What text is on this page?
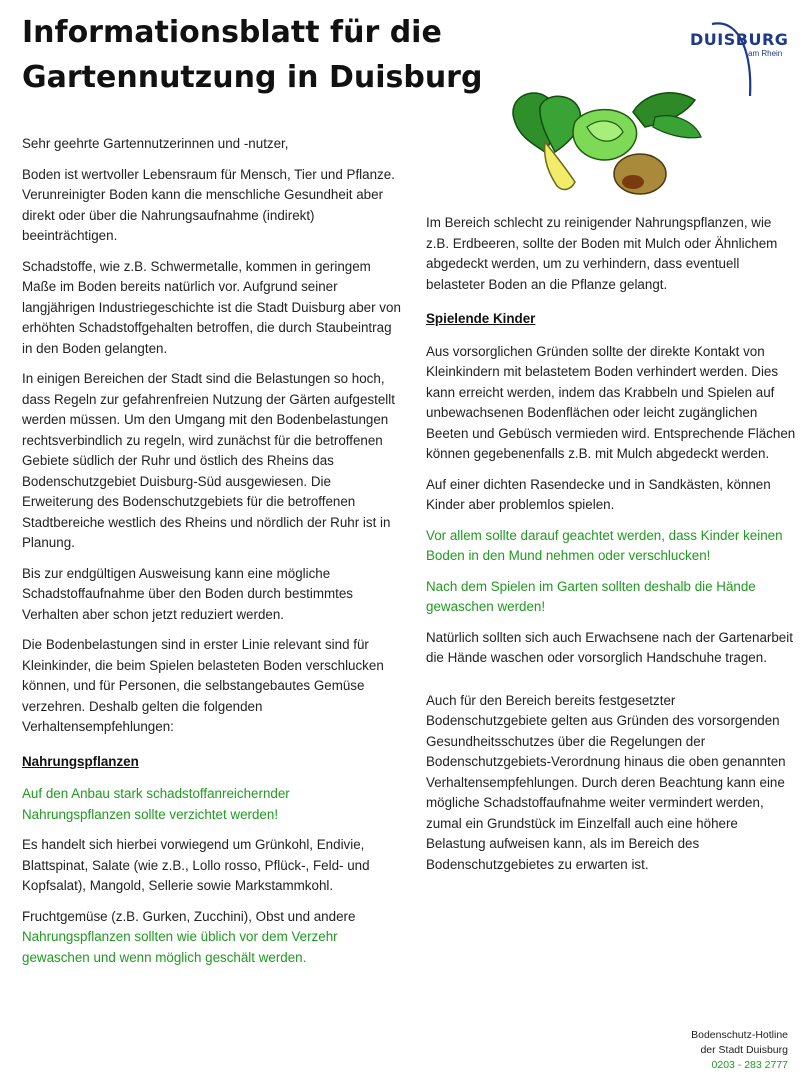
Informationsblatt für die
Gartennutzung in Duisburg
DUISBURG
am Rhein

Sehr geehrte Gartennutzerinnen und -nutzer,

Boden ist wertvoller Lebensraum für Mensch, Tier und Pflanze. Verunreinigter Boden kann die menschliche Gesundheit aber direkt oder über die Nahrungsaufnahme (indirekt) beeinträchtigen.

Schadstoffe, wie z.B. Schwermetalle, kommen in geringem Maße im Boden bereits natürlich vor. Aufgrund seiner langjährigen Industriegeschichte ist die Stadt Duisburg aber von erhöhten Schadstoffgehalten betroffen, die durch Staubeintrag in den Boden gelangten.

In einigen Bereichen der Stadt sind die Belastungen so hoch, dass Regeln zur gefahrenfreien Nutzung der Gärten aufgestellt werden müssen. Um den Umgang mit den Bodenbelastungen rechtsverbindlich zu regeln, wird zunächst für die betroffenen Gebiete südlich der Ruhr und östlich des Rheins das Bodenschutzgebiet Duisburg-Süd ausgewiesen. Die Erweiterung des Bodenschutzgebiets für die betroffenen Stadtbereiche westlich des Rheins und nördlich der Ruhr ist in Planung.

Bis zur endgültigen Ausweisung kann eine mögliche Schadstoffaufnahme über den Boden durch bestimmtes Verhalten aber schon jetzt reduziert werden.

Die Bodenbelastungen sind in erster Linie relevant sind für Kleinkinder, die beim Spielen belasteten Boden verschlucken können, und für Personen, die selbstangebautes Gemüse verzehren. Deshalb gelten die folgenden Verhaltensempfehlungen:

Nahrungspflanzen

Auf den Anbau stark schadstoffanreichernder Nahrungspflanzen sollte verzichtet werden!

Es handelt sich hierbei vorwiegend um Grünkohl, Endivie, Blattspinat, Salate (wie z.B., Lollo rosso, Pflück-, Feld- und Kopfsalat), Mangold, Sellerie sowie Markstammkohl.

Fruchtgemüse (z.B. Gurken, Zucchini), Obst und andere Nahrungspflanzen sollten wie üblich vor dem Verzehr gewaschen und wenn möglich geschält werden.

Im Bereich schlecht zu reinigender Nahrungspflanzen, wie z.B. Erdbeeren, sollte der Boden mit Mulch oder Ähnlichem abgedeckt werden, um zu verhindern, dass eventuell belasteter Boden an die Pflanze gelangt.

Spielende Kinder

Aus vorsorglichen Gründen sollte der direkte Kontakt von Kleinkindern mit belastetem Boden verhindert werden. Dies kann erreicht werden, indem das Krabbeln und Spielen auf unbewachsenen Bodenflächen oder leicht zugänglichen Beeten und Gebüsch vermieden wird. Entsprechende Flächen können gegebenenfalls z.B. mit Mulch abgedeckt werden.

Auf einer dichten Rasendecke und in Sandkästen, können Kinder aber problemlos spielen.

Vor allem sollte darauf geachtet werden, dass Kinder keinen Boden in den Mund nehmen oder verschlucken!

Nach dem Spielen im Garten sollten deshalb die Hände gewaschen werden!

Natürlich sollten sich auch Erwachsene nach der Gartenarbeit die Hände waschen oder vorsorglich Handschuhe tragen.

Auch für den Bereich bereits festgesetzter Bodenschutzgebiete gelten aus Gründen des vorsorgenden Gesundheitsschutzes über die Regelungen der Bodenschutzgebiets-Verordnung hinaus die oben genannten Verhaltensempfehlungen. Durch deren Beachtung kann eine mögliche Schadstoffaufnahme weiter vermindert werden, zumal ein Grundstück im Einzelfall auch eine höhere Belastung aufweisen kann, als im Bereich des Bodenschutzgebietes zu erwarten ist.

Bodenschutz-Hotline
der Stadt Duisburg
0203 - 283 2777
